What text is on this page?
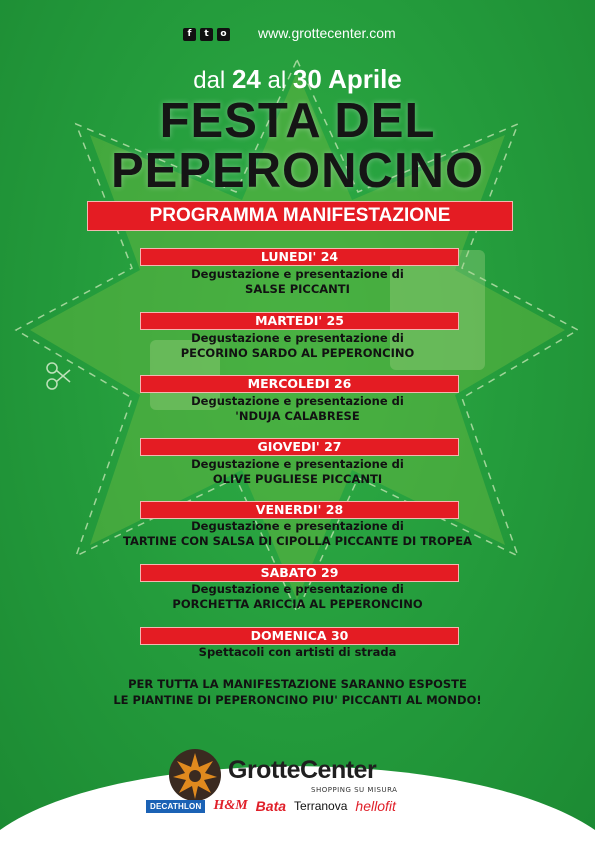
f	t	o www.grottecenter.com
dal 24 al 30 Aprile
FESTA DEL
PEPERONCINO
PROGRAMMA MANIFESTAZIONE
LUNEDI' 24
Degustazione e presentazione di
SALSE PICCANTI
MARTEDI' 25
Degustazione e presentazione di
PECORINO SARDO AL PEPERONCINO
MERCOLEDI 26
Degustazione e presentazione di
'NDUJA CALABRESE
GIOVEDI' 27
Degustazione e presentazione di
OLIVE PUGLIESE PICCANTI
VENERDI' 28
Degustazione e presentazione di
TARTINE CON SALSA DI CIPOLLA PICCANTE DI TROPEA
SABATO 29
Degustazione e presentazione di
PORCHETTA ARICCIA AL PEPERONCINO
DOMENICA 30
Spettacoli con artisti di strada
PER TUTTA LA MANIFESTAZIONE SARANNO ESPOSTE
LE PIANTINE DI PEPERONCINO PIU' PICCANTI AL MONDO!
GrotteCenter
SHOPPING SU MISURA
DECATHLON H&M Bata Terranova hellofit
